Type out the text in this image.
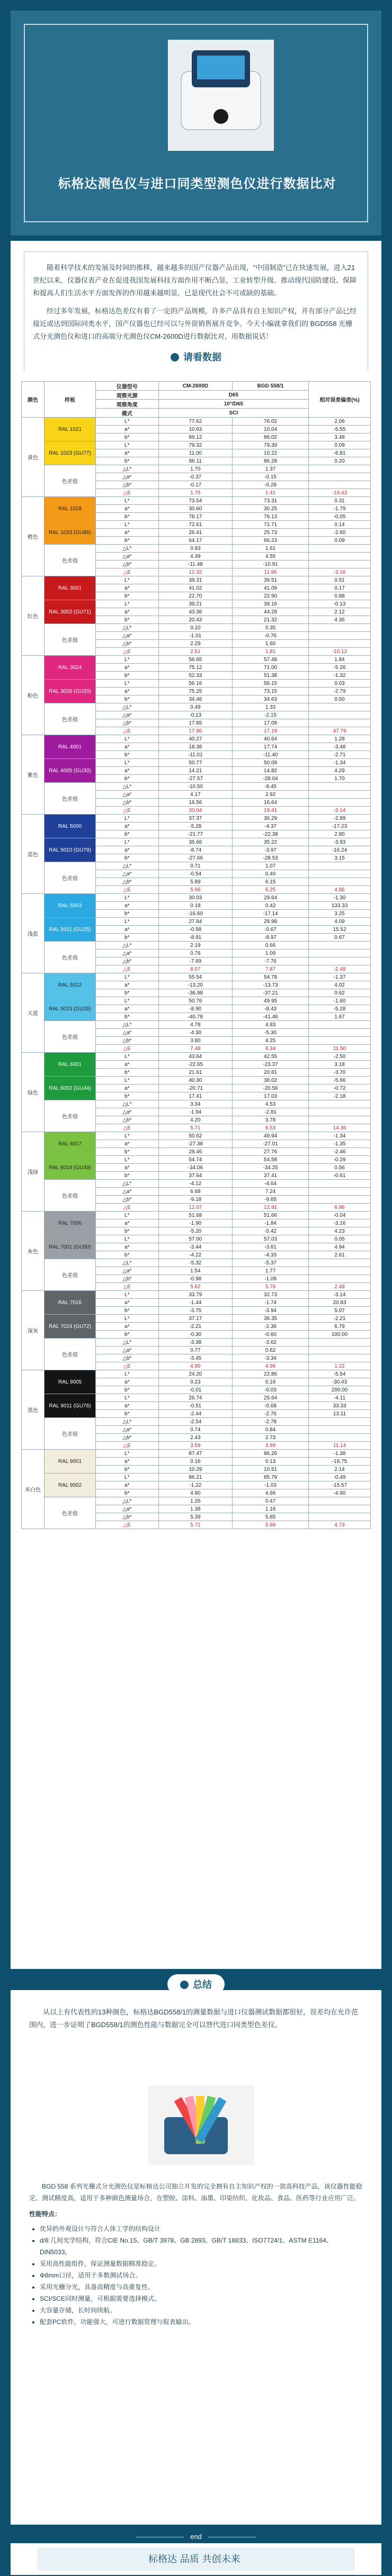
标格达测色仪与进口同类型测色仪进行数据比对

随着科学技术的发展及时间的推移，越来越多的国产仪器产品出现，“中国制造”已在快速发展，进入21世纪以来，仪器仪表产业在促进我国发展科技方面作用不断凸显，工业转型升级、推动现代国防建设、保障和提高人们生活水平方面发挥的作用越来越明显，已是现代社会不可或缺的基础。

经过多年发展，标格达色差仪有着了一定的产品规模，许多产品具有自主知识产权，并有部分产品已经接近或达到国际同类水平，国产仪器也已经可以与外资销售展开竞争。今天小编就拿我们的 BGD558 光栅式分光测色仪和进口的高端分光测色仪CM-2600D进行数据比对，用数据说话！

请看数据
颜色	样板	仪器型号	CM-2600D	BGD 558/1	相对误差偏差(%)
		观察光源	D65		
		观察角度	10°/D65		
		模式	SCI		
黄色	RAL 1021	L*	77.62	76.02	2.06
		a*	10.63	10.04	-5.55
		b*	89.12	86.02	3.48
	RAL 1023 (GU77)	L*	79.32	79.39	0.09
		a*	11.00	10.22	-6.81
		b*	86.11	86.28	0.20
	色差值	△L*	1.70	1.37	
		△a*	-0.37	-0.15	
		△b*	-0.17	-0.28	
		△E	1.75	1.41	-19.43
橙色	RAL 1028	L*	73.54	73.31	0.31
		a*	30.60	30.25	-1.79
		b*	78.17	76.13	-0.05
	RAL 1033 (GU86)	L*	72.61	72.71	0.14
		a*	26.41	25.73	-2.60
		b*	64.17	66.23	0.09
	色差值	△L*	0.93	1.61	
		△a*	4.39	4.55	
		△b*	-11.48	-10.91	
		△E	12.32	11.95	-3.16
红色	RAL 3001	L*	39.31	39.51	0.51
		a*	41.02	41.09	0.17
		b*	22.70	22.90	0.88
	RAL 3002 (GU71)	L*	39.21	39.16	-0.13
		a*	43.36	44.28	2.12
		b*	20.43	21.32	4.36
	色差值	△L*	0.10	0.35	
		△a*	-1.01	-0.76	
		△b*	2.29	1.60	
		△E	2.51	1.81	-10.12
粉色	RAL 3024	L*	56.65	57.48	1.84
		a*	75.12	71.00	-5.26
		b*	52.33	51.38	-1.32
	RAL 3026 (GU20)	L*	56.16	56.15	0.03
		a*	75.25	73.15	-2.79
		b*	34.46	34.63	0.50
	色差值	△L*	0.49	1.33	
		△a*	-0.13	-2.15	
		△b*	17.85	17.09	
		△E	17.86	17.19	47.79
紫色	RAL 4001	L*	40.27	40.64	1.28
		a*	18.38	17.74	-3.48
		b*	-11.01	-11.40	-2.71
	RAL 4005 (GU30)	L*	50.77	50.09	-1.34
		a*	14.21	14.82	4.29
		b*	-27.57	-28.04	1.70
	色差值	△L*	-10.50	-9.45	
		△a*	4.17	2.92	
		△b*	16.56	16.64	
		△E	20.04	19.41	-3.14
蓝色	RAL 5000	L*	37.37	36.29	-2.89
		a*	-5.28	-4.37	-17.23
		b*	-21.77	-22.38	2.80
	RAL 5010 (GU79)	L*	36.66	35.22	-3.93
		a*	-8.74	-3.97	-16.24
		b*	-27.66	-28.53	3.15
	色差值	△L*	0.71	1.07	
		△a*	-0.54	0.40	
		△b*	5.89	6.15	
		△E	5.96	6.25	4.86
浅蓝	RAL 5003	L*	30.03	29.64	-1.30
		a*	0.18	0.42	133.33
		b*	-16.60	-17.14	3.25
	RAL 5011 (GU25)	L*	27.84	28.98	4.09
		a*	-0.58	-0.67	15.52
		b*	-8.91	-8.97	0.67
	色差值	△L*	2.19	0.66	
		△a*	0.76	1.09	
		△b*	-7.69	-7.76	
		△E	8.07	7.87	-2.48
天蓝	RAL 5012	L*	55.54	54.78	-1.37
		a*	-13.20	-13.73	4.02
		b*	-36.98	-37.21	0.62
	RAL 5015 (GU26)	L*	50.76	49.95	-1.60
		a*	-8.90	-8.43	-5.28
		b*	-40.78	-41.46	1.67
	色差值	△L*	4.78	4.83	
		△a*	-4.30	-5.30	
		△b*	3.80	4.25	
		△E	7.48	8.34	11.50
绿色	RAL 6001	L*	43.64	42.55	-2.50
		a*	-22.65	-23.37	3.18
		b*	21.61	20.81	-3.70
	RAL 6002 (GU44)	L*	40.30	38.02	-5.66
		a*	-20.71	-20.56	-0.72
		b*	17.41	17.03	-2.18
	色差值	△L*	3.34	4.53	
		△a*	-1.94	-2.81	
		△b*	4.20	3.78	
		△E	5.71	6.53	14.36
浅绿	RAL 6017	L*	50.62	49.94	-1.34
		a*	-27.38	-27.01	-1.35
		b*	28.46	27.76	-2.46
	RAL 6018 (GU49)	L*	54.74	54.58	-0.29
		a*	-34.06	-34.25	0.56
		b*	37.64	37.41	-0.61
	色差值	△L*	-4.12	-4.64	
		△a*	6.68	7.24	
		△b*	-9.18	-9.65	
		△E	12.07	12.91	6.96
灰色	RAL 7000	L*	51.68	51.66	-0.04
		a*	-1.90	-1.84	-3.16
		b*	-5.20	-5.42	4.23
	RAL 7001 (GU50)	L*	57.00	57.03	0.05
		a*	-3.44	-3.61	4.94
		b*	-4.22	-4.33	2.61
	色差值	△L*	-5.32	-5.37	
		△a*	1.54	1.77	
		△b*	-0.98	-1.09	
		△E	5.62	5.76	2.49
深灰	RAL 7016	L*	33.79	32.73	-3.14
		a*	-1.44	-1.74	20.83
		b*	-3.75	-3.94	5.07
	RAL 7024 (GU72)	L*	37.17	36.35	-2.21
		a*	-2.21	-2.36	6.79
		b*	-0.30	-0.60	100.00
	色差值	△L*	-3.38	-3.62	
		△a*	0.77	0.62	
		△b*	-3.45	-3.34	
		△E	4.90	4.96	1.22
黑色	RAL 9005	L*	24.20	22.86	-5.54
		a*	0.23	0.16	-30.43
		b*	-0.01	-0.03	200.00
	RAL 9011 (GU76)	L*	26.74	25.64	-4.11
		a*	-0.51	-0.68	33.33
		b*	-2.44	-2.76	13.11
	色差值	△L*	-2.54	-2.78	
		△a*	0.74	0.84	
		△b*	2.43	2.73	
		△E	3.59	3.99	11.14
米白色	RAL 9001	L*	87.47	86.26	-1.38
		a*	0.16	0.13	-18.75
		b*	10.29	10.51	2.14
	RAL 9002	L*	86.21	85.79	-0.49
		a*	-1.22	-1.03	-15.57
		b*	4.90	4.66	-4.90
	色差值	△L*	1.26	0.47	
		△a*	1.38	1.16	
		△b*	5.39	5.85	
		△E	5.71	5.98	4.73
总结

从以上有代表性的13种颜色，标格达BGD558/1的测量数据与进口仪器测试数据都很好，误差均在允许范围内，进一步证明了BGD558/1的测色性能与数据完全可以替代进口同类型色差仪。

BGD 558 系列光栅式分光测色仪是标格达公司独立开发的完全拥有自主知识产权的一款高科技产品，该仪器性能稳定、测试精度高，适用于多种颜色测量场合，在塑胶、涂料、油墨、印染纺织、化妆品、食品、医药等行业应用广泛。

性能特点：
• 优异的外观设计与符合人体工学的结构设计
• d/8 几何光学结构，符合CIE No.15、GB/T 3978、GB 2893、GB/T 18833、ISO7724/1、ASTM E1164、DIN5033。
• 采用高性能组件，保证测量数据精准稳定。
• Φ8mm口径，适用于多数测试场合。
• 采用光栅分光，具备高精度与高重复性。
• SCI/SCE同时测量，可根据需要选择模式。
• 大容量存储，长时间续航。
• 配套PC软件，功能强大，可进行数据管理与报表输出。
end
标格达 品质 共创未来
